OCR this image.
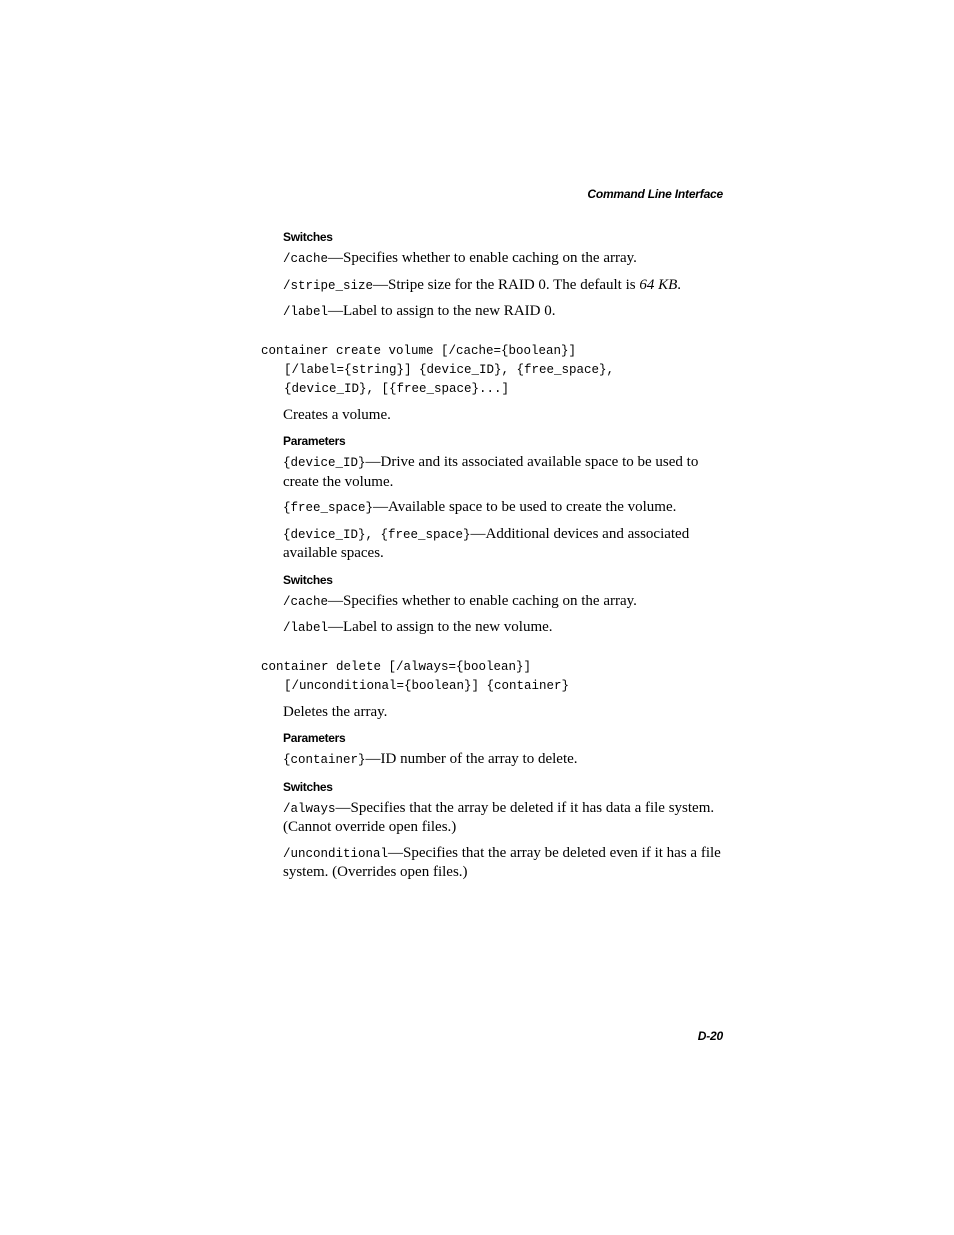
Command Line Interface

Switches

/cache—Specifies whether to enable caching on the array.

/stripe_size—Stripe size for the RAID 0. The default is 64 KB.

/label—Label to assign to the new RAID 0.

container create volume [/cache={boolean}]
[/label={string}] {device_ID}, {free_space},
{device_ID}, [{free_space}...]

Creates a volume.

Parameters

{device_ID}—Drive and its associated available space to be used to create the volume.

{free_space}—Available space to be used to create the volume.

{device_ID}, {free_space}—Additional devices and associated available spaces.

Switches

/cache—Specifies whether to enable caching on the array.

/label—Label to assign to the new volume.

container delete [/always={boolean}]
[/unconditional={boolean}] {container}

Deletes the array.

Parameters

{container}—ID number of the array to delete.

Switches

/always—Specifies that the array be deleted if it has data a file system. (Cannot override open files.)

/unconditional—Specifies that the array be deleted even if it has a file system. (Overrides open files.)

D-20
